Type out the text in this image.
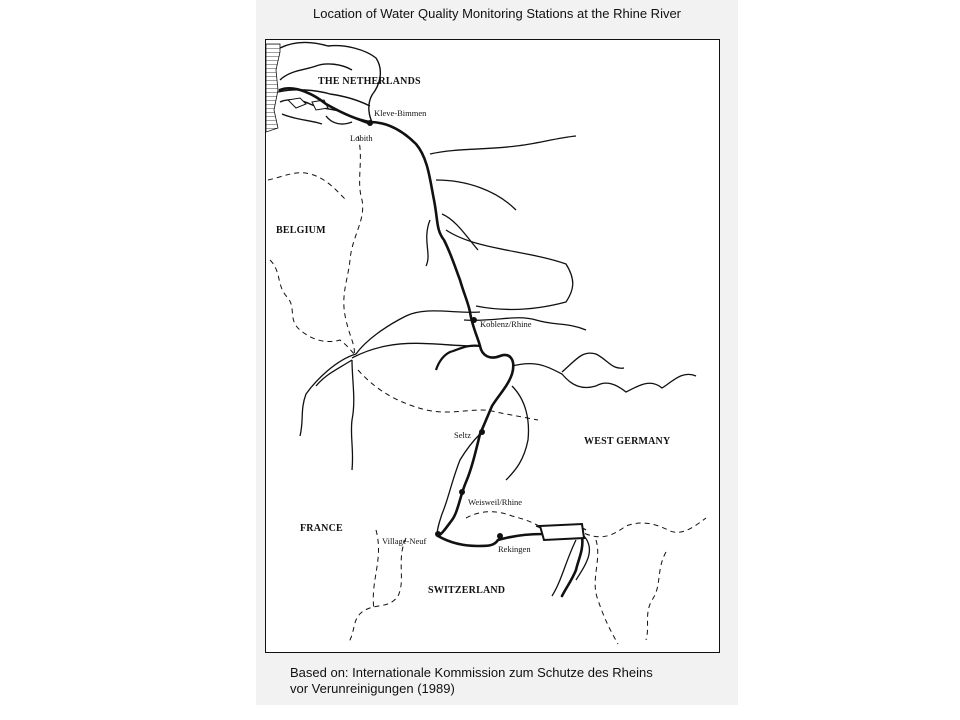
Location of Water Quality Monitoring Stations at the Rhine River
THE NETHERLANDS
BELGIUM
WEST GERMANY
FRANCE
SWITZERLAND
Kleve-Bimmen
Lobith
Koblenz/Rhine
Seltz
Weisweil/Rhine
Village-Neuf
Rekingen
Based on: Internationale Kommission zum Schutze des Rheins
vor Verunreinigungen (1989)
